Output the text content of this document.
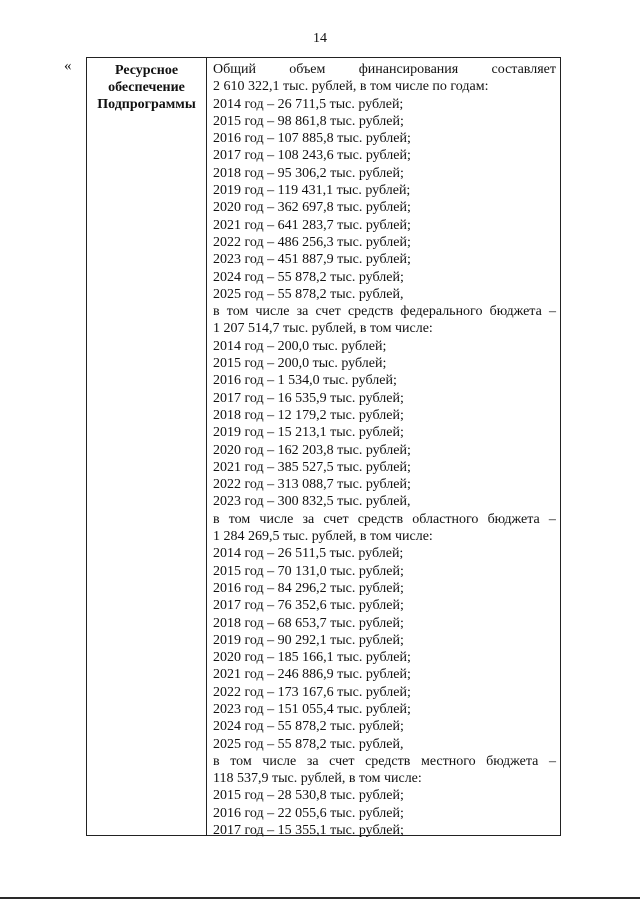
14
«	Ресурсное
обеспечение
Подпрограммы
Общий объем финансирования составляет
2 610 322,1 тыс. рублей, в том числе по годам:
2014 год – 26 711,5 тыс. рублей;
2015 год – 98 861,8 тыс. рублей;
2016 год – 107 885,8 тыс. рублей;
2017 год – 108 243,6 тыс. рублей;
2018 год – 95 306,2 тыс. рублей;
2019 год – 119 431,1 тыс. рублей;
2020 год – 362 697,8 тыс. рублей;
2021 год – 641 283,7 тыс. рублей;
2022 год – 486 256,3 тыс. рублей;
2023 год – 451 887,9 тыс. рублей;
2024 год – 55 878,2 тыс. рублей;
2025 год – 55 878,2 тыс. рублей,
в том числе за счет средств федерального бюджета –
1 207 514,7 тыс. рублей, в том числе:
2014 год – 200,0 тыс. рублей;
2015 год – 200,0 тыс. рублей;
2016 год – 1 534,0 тыс. рублей;
2017 год – 16 535,9 тыс. рублей;
2018 год – 12 179,2 тыс. рублей;
2019 год – 15 213,1 тыс. рублей;
2020 год – 162 203,8 тыс. рублей;
2021 год – 385 527,5 тыс. рублей;
2022 год – 313 088,7 тыс. рублей;
2023 год – 300 832,5 тыс. рублей,
в том числе за счет средств областного бюджета –
1 284 269,5 тыс. рублей, в том числе:
2014 год – 26 511,5 тыс. рублей;
2015 год – 70 131,0 тыс. рублей;
2016 год – 84 296,2 тыс. рублей;
2017 год – 76 352,6 тыс. рублей;
2018 год – 68 653,7 тыс. рублей;
2019 год – 90 292,1 тыс. рублей;
2020 год – 185 166,1 тыс. рублей;
2021 год – 246 886,9 тыс. рублей;
2022 год – 173 167,6 тыс. рублей;
2023 год – 151 055,4 тыс. рублей;
2024 год – 55 878,2 тыс. рублей;
2025 год – 55 878,2 тыс. рублей,
в том числе за счет средств местного бюджета –
118 537,9 тыс. рублей, в том числе:
2015 год – 28 530,8 тыс. рублей;
2016 год – 22 055,6 тыс. рублей;
2017 год – 15 355,1 тыс. рублей;
